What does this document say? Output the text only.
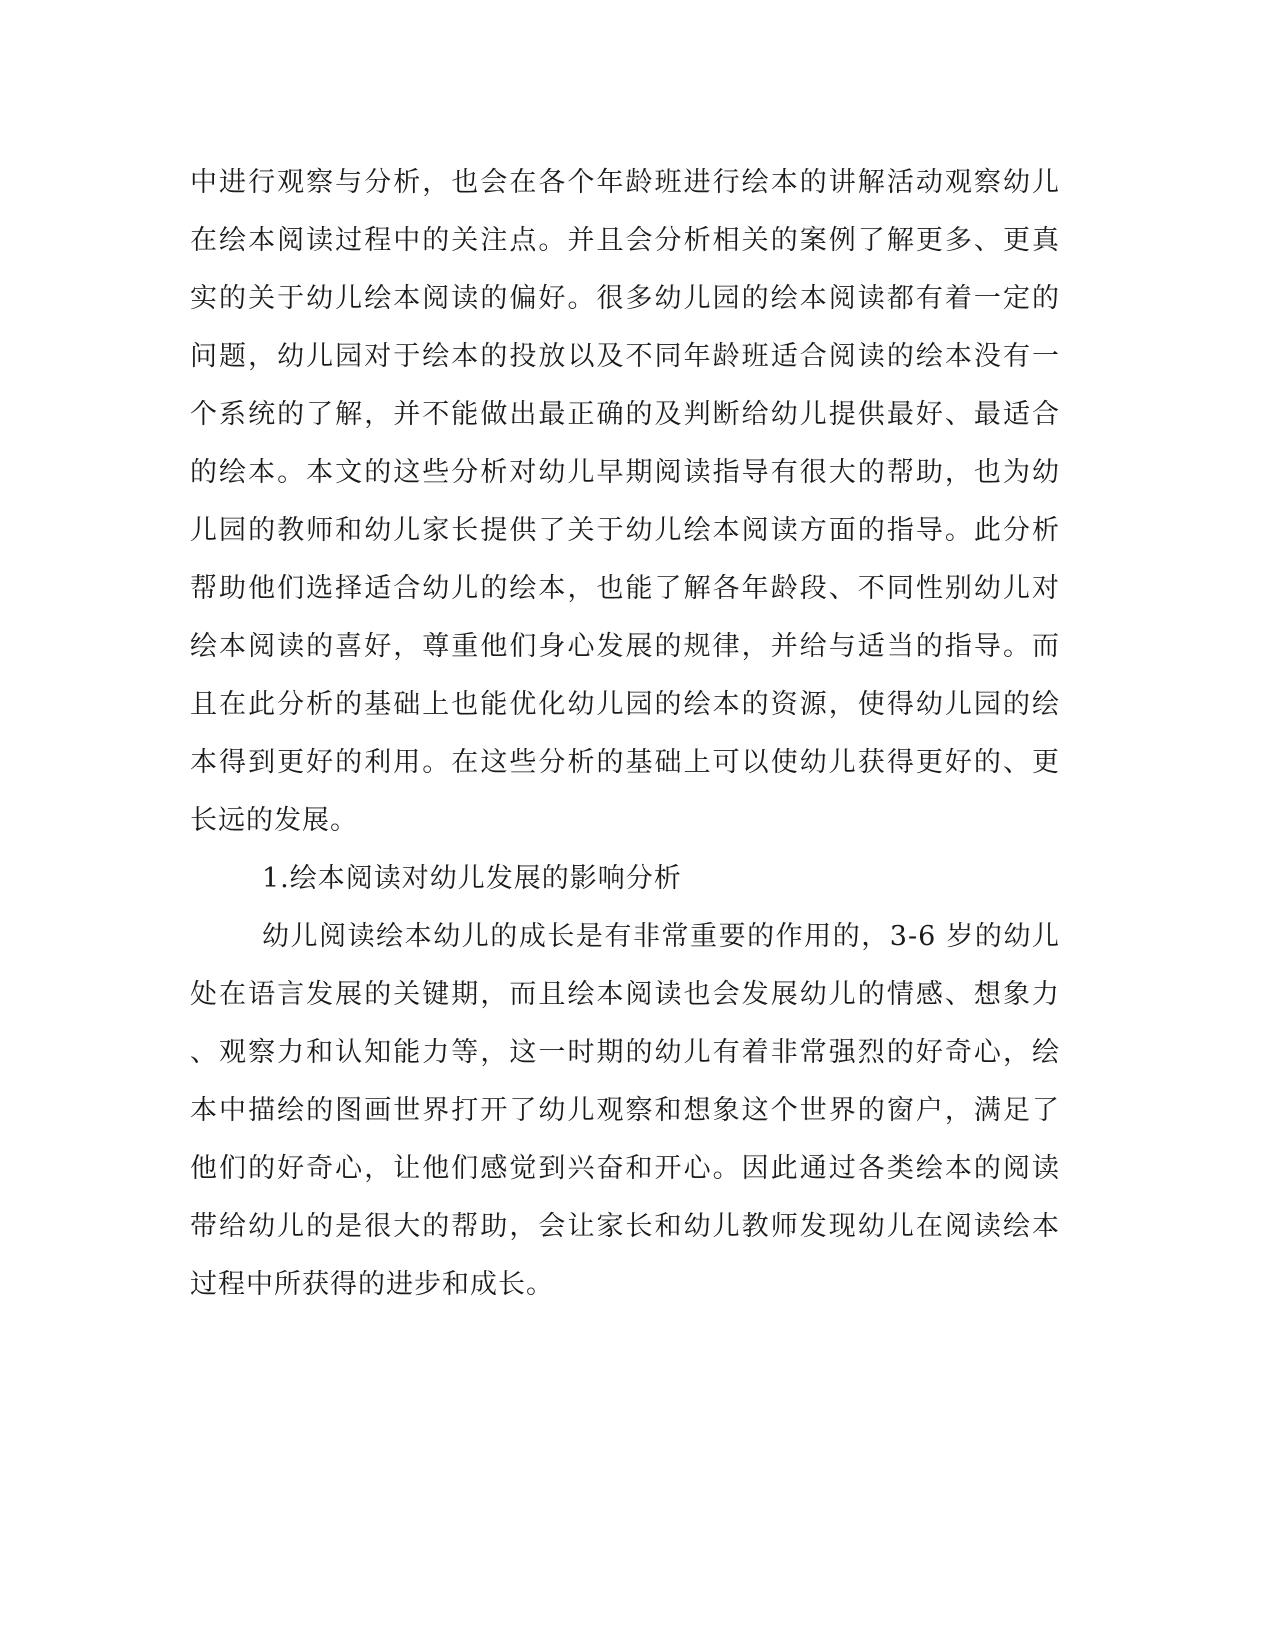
中进行观察与分析，也会在各个年龄班进行绘本的讲解活动观察幼儿
在绘本阅读过程中的关注点。并且会分析相关的案例了解更多、更真
实的关于幼儿绘本阅读的偏好。很多幼儿园的绘本阅读都有着一定的
问题，幼儿园对于绘本的投放以及不同年龄班适合阅读的绘本没有一
个系统的了解，并不能做出最正确的及判断给幼儿提供最好、最适合
的绘本。本文的这些分析对幼儿早期阅读指导有很大的帮助，也为幼
儿园的教师和幼儿家长提供了关于幼儿绘本阅读方面的指导。此分析
帮助他们选择适合幼儿的绘本，也能了解各年龄段、不同性别幼儿对
绘本阅读的喜好，尊重他们身心发展的规律，并给与适当的指导。而
且在此分析的基础上也能优化幼儿园的绘本的资源，使得幼儿园的绘
本得到更好的利用。在这些分析的基础上可以使幼儿获得更好的、更
长远的发展。
1.绘本阅读对幼儿发展的影响分析
幼儿阅读绘本幼儿的成长是有非常重要的作用的，3-6 岁的幼儿
处在语言发展的关键期，而且绘本阅读也会发展幼儿的情感、想象力
、观察力和认知能力等，这一时期的幼儿有着非常强烈的好奇心，绘
本中描绘的图画世界打开了幼儿观察和想象这个世界的窗户，满足了
他们的好奇心，让他们感觉到兴奋和开心。因此通过各类绘本的阅读
带给幼儿的是很大的帮助，会让家长和幼儿教师发现幼儿在阅读绘本
过程中所获得的进步和成长。
